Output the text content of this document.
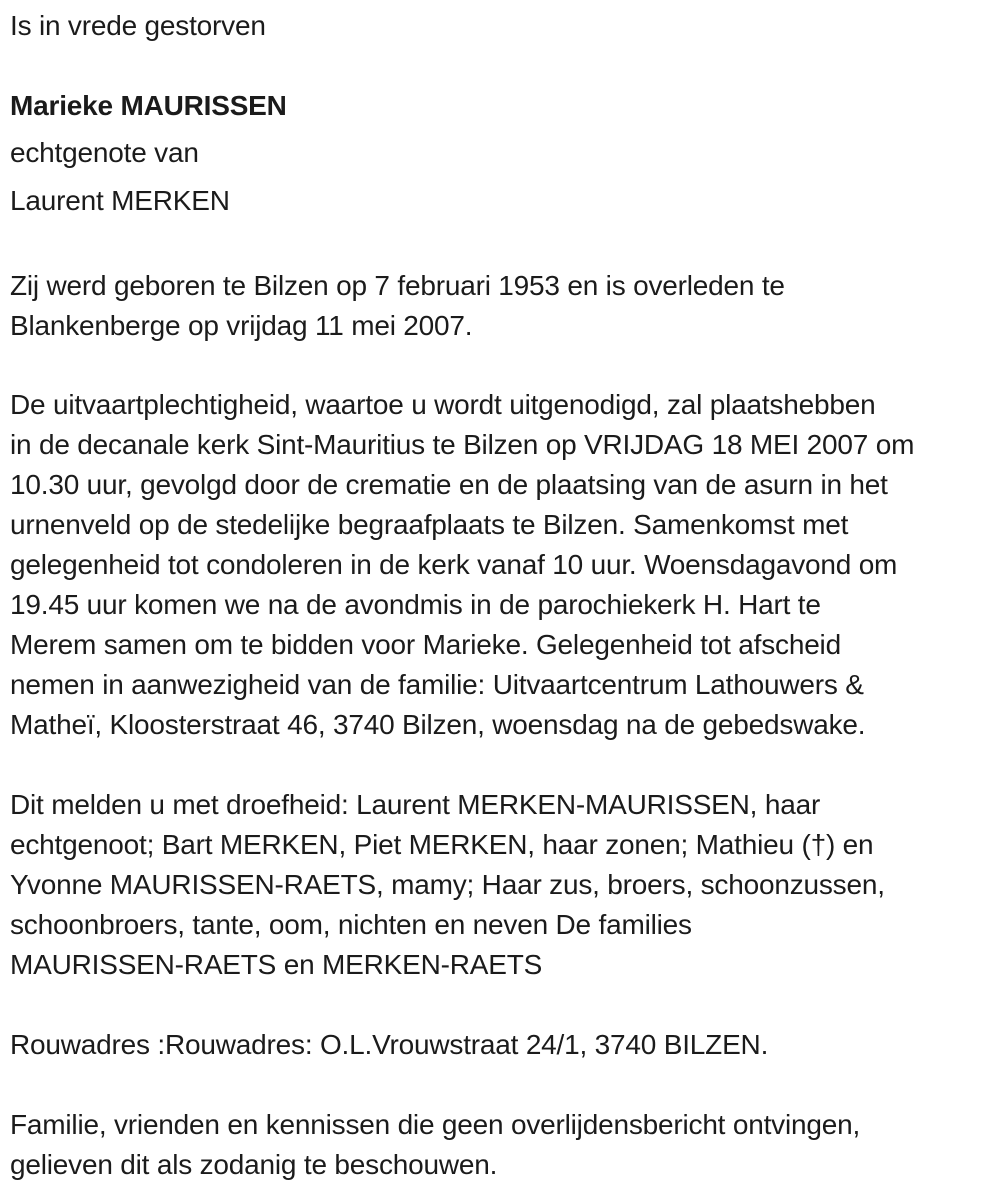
Is in vrede gestorven
Marieke MAURISSEN
echtgenote van
Laurent MERKEN
Zij werd geboren te Bilzen op 7 februari 1953 en is overleden te
Blankenberge op vrijdag 11 mei 2007.
De uitvaartplechtigheid, waartoe u wordt uitgenodigd, zal plaatshebben
in de decanale kerk Sint-Mauritius te Bilzen op VRIJDAG 18 MEI 2007 om
10.30 uur, gevolgd door de crematie en de plaatsing van de asurn in het
urnenveld op de stedelijke begraafplaats te Bilzen. Samenkomst met
gelegenheid tot condoleren in de kerk vanaf 10 uur. Woensdagavond om
19.45 uur komen we na de avondmis in de parochiekerk H. Hart te
Merem samen om te bidden voor Marieke. Gelegenheid tot afscheid
nemen in aanwezigheid van de familie: Uitvaartcentrum Lathouwers &
Matheï, Kloosterstraat 46, 3740 Bilzen, woensdag na de gebedswake.
Dit melden u met droefheid: Laurent MERKEN-MAURISSEN, haar
echtgenoot; Bart MERKEN, Piet MERKEN, haar zonen; Mathieu (†) en
Yvonne MAURISSEN-RAETS, mamy; Haar zus, broers, schoonzussen,
schoonbroers, tante, oom, nichten en neven De families
MAURISSEN-RAETS en MERKEN-RAETS
Rouwadres :Rouwadres: O.L.Vrouwstraat 24/1, 3740 BILZEN.
Familie, vrienden en kennissen die geen overlijdensbericht ontvingen,
gelieven dit als zodanig te beschouwen.
